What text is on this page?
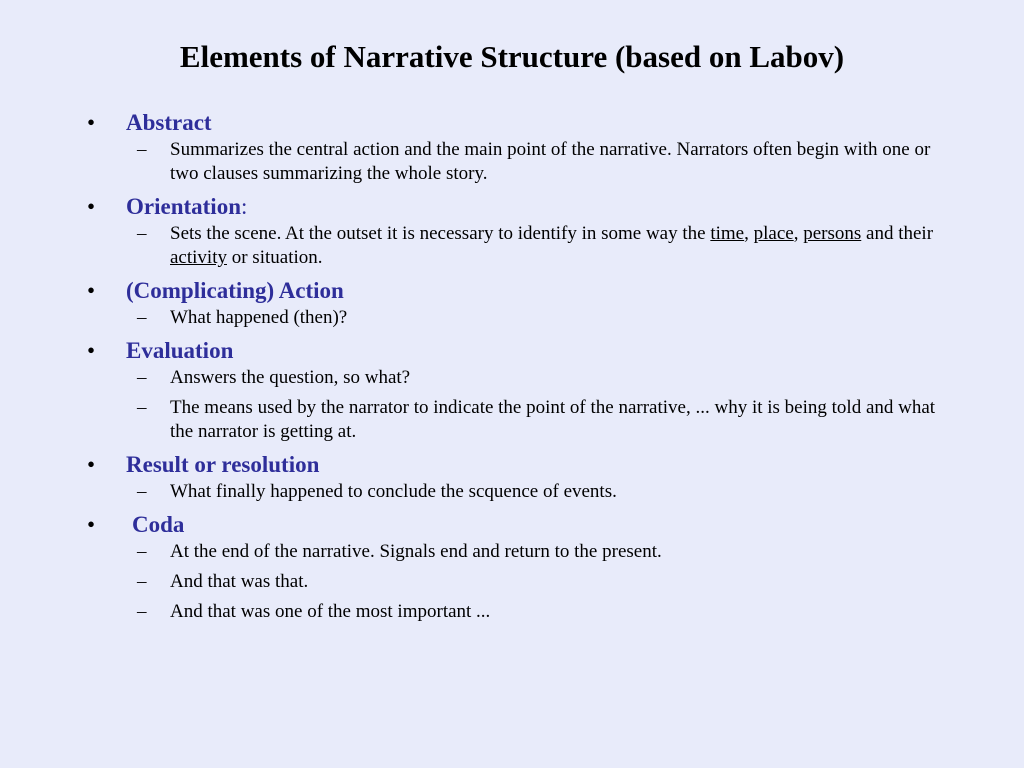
Elements of Narrative Structure (based on Labov)
• Abstract
– Summarizes the central action and the main point of the narrative. Narrators often begin with one or two clauses summarizing the whole story.
• Orientation:
– Sets the scene. At the outset it is necessary to identify in some way the time, place, persons and their activity or situation.
• (Complicating) Action
– What happened (then)?
• Evaluation
– Answers the question, so what?
– The means used by the narrator to indicate the point of the narrative, ... why it is being told and what the narrator is getting at.
• Result or resolution
– What finally happened to conclude the scquence of events.
• Coda
– At the end of the narrative. Signals end and return to the present.
– And that was that.
– And that was one of the most important ...
